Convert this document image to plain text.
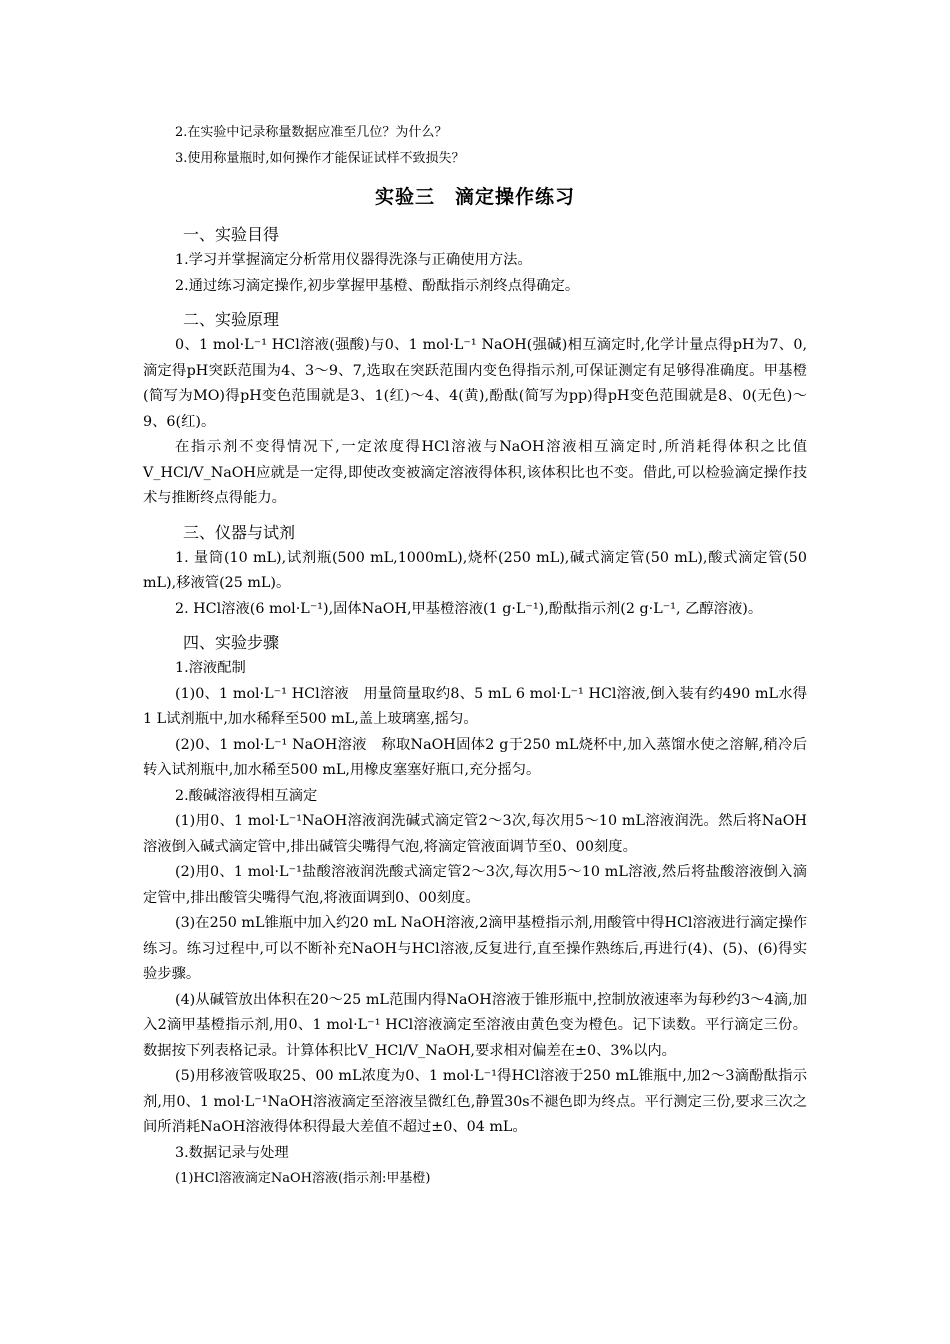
2.在实验中记录称量数据应准至几位？为什么？
3.使用称量瓶时,如何操作才能保证试样不致损失？
实验三　滴定操作练习
一、实验目得
1.学习并掌握滴定分析常用仪器得洗涤与正确使用方法。
2.通过练习滴定操作,初步掌握甲基橙、酚酞指示剂终点得确定。
二、实验原理

0、1 mol·L⁻¹ HCl溶液(强酸)与0、1 mol·L⁻¹ NaOH(强碱)相互滴定时,化学计量点得pH为7、0,滴定得pH突跃范围为4、3～9、7,选取在突跃范围内变色得指示剂,可保证测定有足够得准确度。甲基橙(简写为MO)得pH变色范围就是3、1(红)～4、4(黄),酚酞(简写为pp)得pH变色范围就是8、0(无色)～9、6(红)。

在指示剂不变得情况下,一定浓度得HCl溶液与NaOH溶液相互滴定时,所消耗得体积之比值V_HCl/V_NaOH应就是一定得,即使改变被滴定溶液得体积,该体积比也不变。借此,可以检验滴定操作技术与推断终点得能力。

三、仪器与试剂

1. 量筒(10 mL),试剂瓶(500 mL,1000mL),烧杯(250 mL),碱式滴定管(50 mL),酸式滴定管(50 mL),移液管(25 mL)。

2. HCl溶液(6 mol·L⁻¹),固体NaOH,甲基橙溶液(1 g·L⁻¹),酚酞指示剂(2 g·L⁻¹, 乙醇溶液)。

四、实验步骤
1.溶液配制

(1)0、1 mol·L⁻¹ HCl溶液　用量筒量取约8、5 mL 6 mol·L⁻¹ HCl溶液,倒入装有约490 mL水得1 L试剂瓶中,加水稀释至500 mL,盖上玻璃塞,摇匀。

(2)0、1 mol·L⁻¹ NaOH溶液　称取NaOH固体2 g于250 mL烧杯中,加入蒸馏水使之溶解,稍冷后转入试剂瓶中,加水稀至500 mL,用橡皮塞塞好瓶口,充分摇匀。

2.酸碱溶液得相互滴定

(1)用0、1 mol·L⁻¹NaOH溶液润洗碱式滴定管2～3次,每次用5～10 mL溶液润洗。然后将NaOH溶液倒入碱式滴定管中,排出碱管尖嘴得气泡,将滴定管液面调节至0、00刻度。

(2)用0、1 mol·L⁻¹盐酸溶液润洗酸式滴定管2～3次,每次用5～10 mL溶液,然后将盐酸溶液倒入滴定管中,排出酸管尖嘴得气泡,将液面调到0、00刻度。

(3)在250 mL锥瓶中加入约20 mL NaOH溶液,2滴甲基橙指示剂,用酸管中得HCl溶液进行滴定操作练习。练习过程中,可以不断补充NaOH与HCl溶液,反复进行,直至操作熟练后,再进行(4)、(5)、(6)得实验步骤。

(4)从碱管放出体积在20～25 mL范围内得NaOH溶液于锥形瓶中,控制放液速率为每秒约3～4滴,加入2滴甲基橙指示剂,用0、1 mol·L⁻¹ HCl溶液滴定至溶液由黄色变为橙色。记下读数。平行滴定三份。数据按下列表格记录。计算体积比V_HCl/V_NaOH,要求相对偏差在±0、3%以内。

(5)用移液管吸取25、00 mL浓度为0、1 mol·L⁻¹得HCl溶液于250 mL锥瓶中,加2～3滴酚酞指示剂,用0、1 mol·L⁻¹NaOH溶液滴定至溶液呈微红色,静置30s不褪色即为终点。平行测定三份,要求三次之间所消耗NaOH溶液得体积得最大差值不超过±0、04 mL。

3.数据记录与处理
(1)HCl溶液滴定NaOH溶液(指示剂:甲基橙)
